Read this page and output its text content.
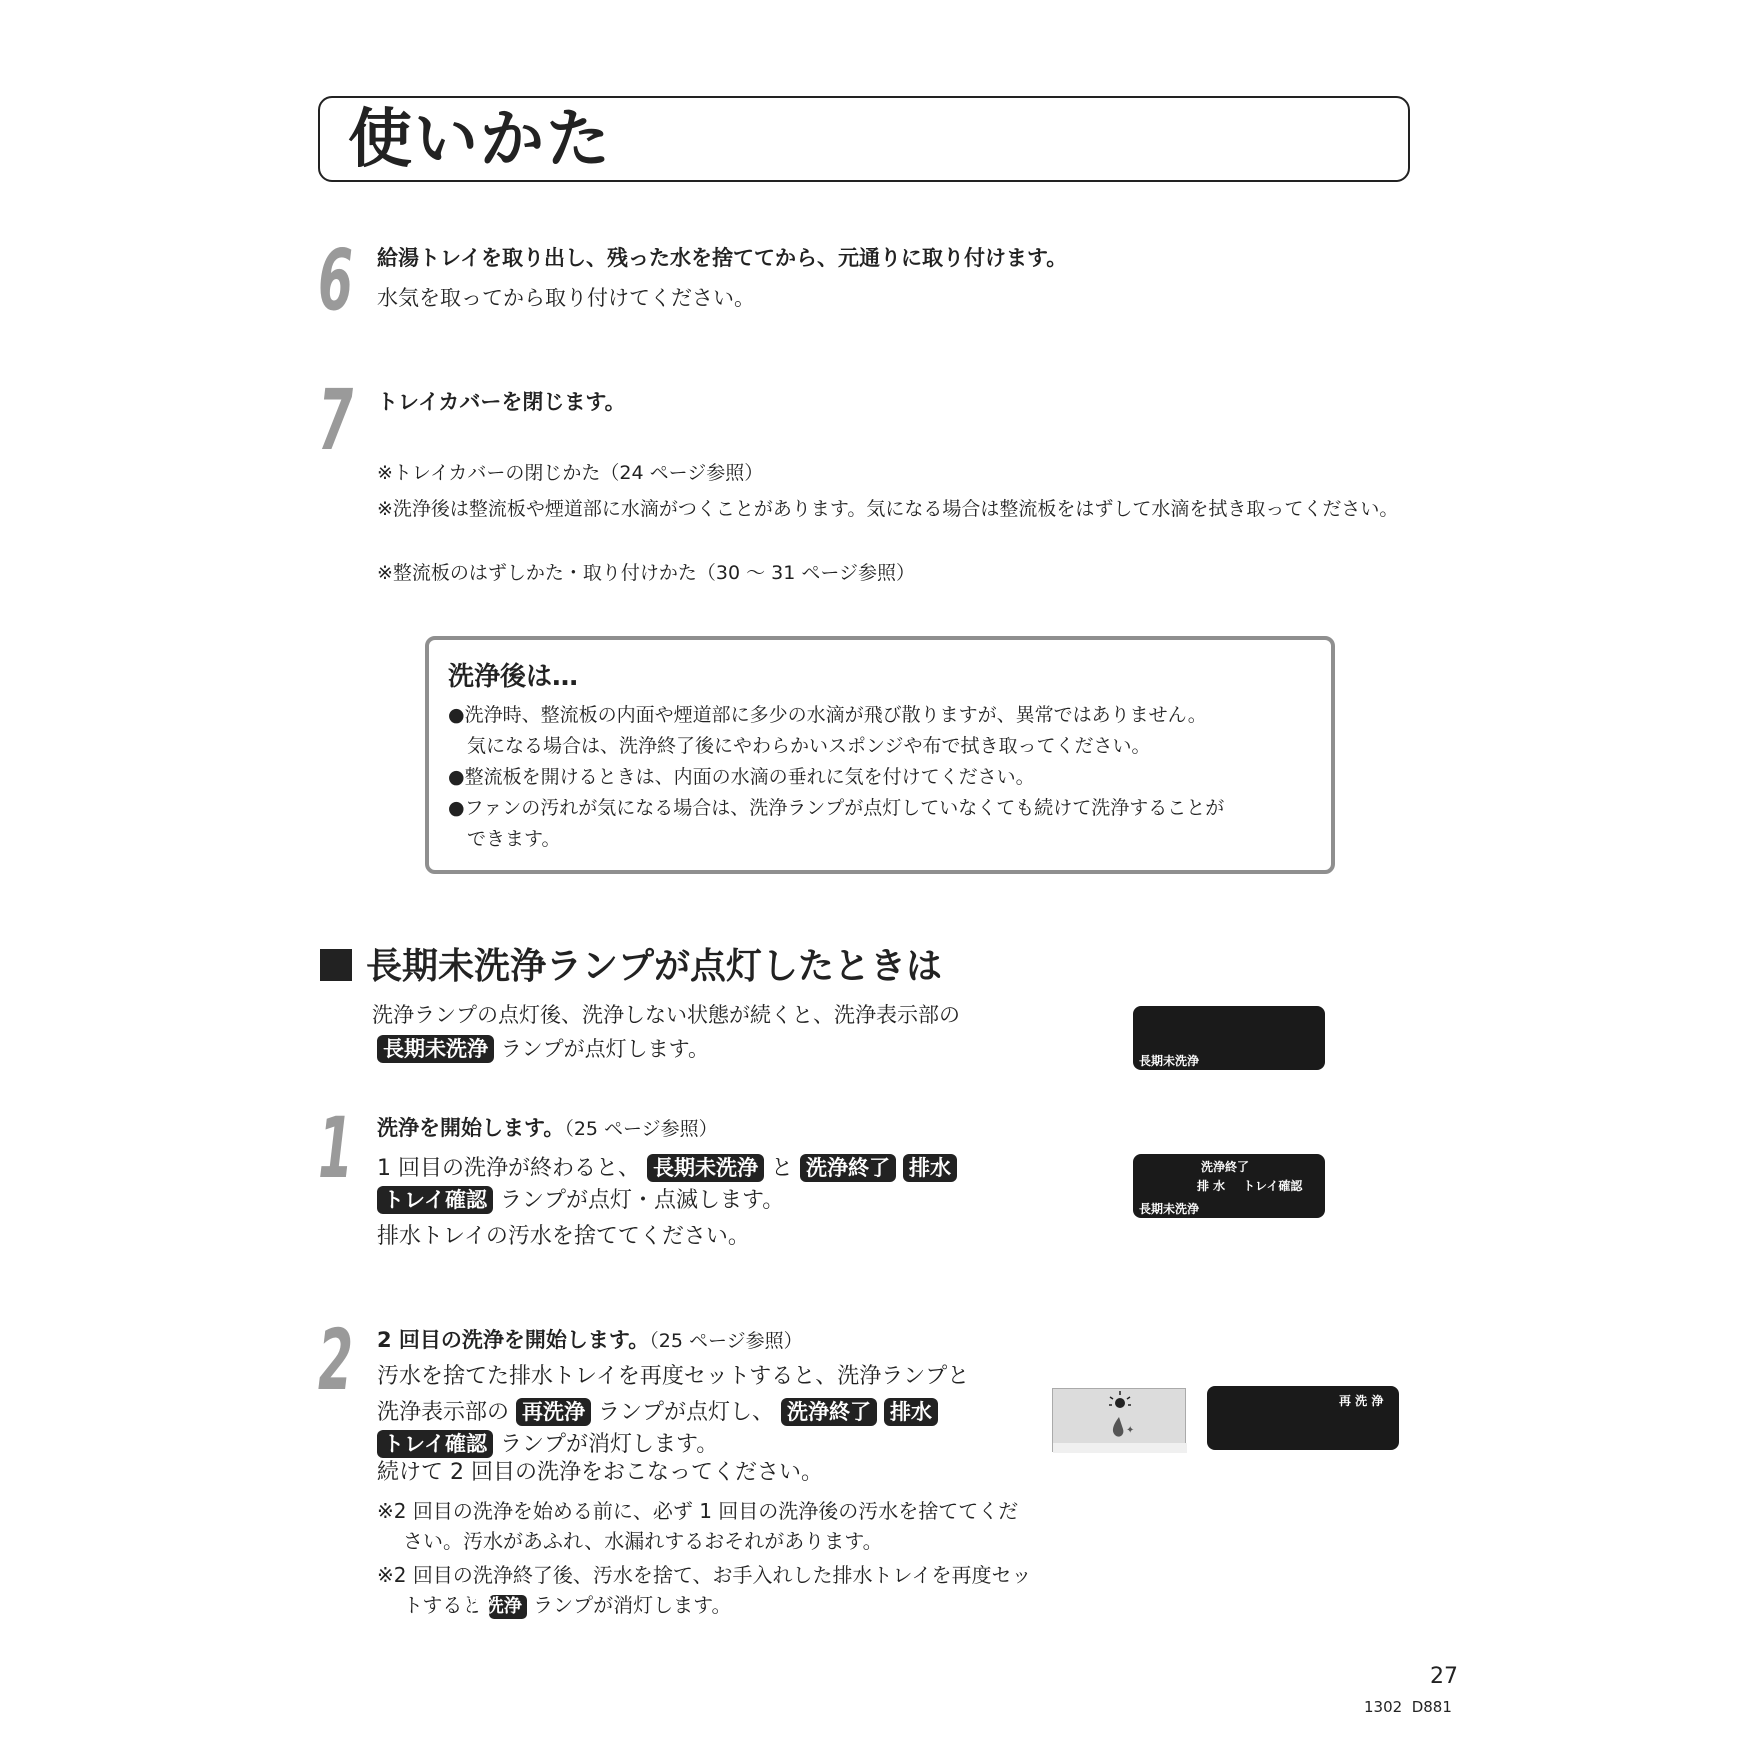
使いかた
6 給湯トレイを取り出し、残った水を捨ててから、元通りに取り付けます。
水気を取ってから取り付けてください。
7 トレイカバーを閉じます。
※トレイカバーの閉じかた（24 ページ参照）
※洗浄後は整流板や煙道部に水滴がつくことがあります。気になる場合は整流板をはずして水滴を拭き取ってください。
※整流板のはずしかた・取り付けかた（30 ～ 31 ページ参照）
洗浄後は…
●洗浄時、整流板の内面や煙道部に多少の水滴が飛び散りますが、異常ではありません。
　気になる場合は、洗浄終了後にやわらかいスポンジや布で拭き取ってください。
●整流板を開けるときは、内面の水滴の垂れに気を付けてください。
●ファンの汚れが気になる場合は、洗浄ランプが点灯していなくても続けて洗浄することが
　できます。
長期未洗浄ランプが点灯したときは
洗浄ランプの点灯後、洗浄しない状態が続くと、洗浄表示部の
長期未洗浄 ランプが点灯します。	長期未洗浄
1 洗浄を開始します。（25 ページ参照）
1 回目の洗浄が終わると、 長期未洗浄 と 洗浄終了 排水
トレイ確認 ランプが点灯・点滅します。
排水トレイの汚水を捨ててください。
洗浄終了
排 水 トレイ確認
長期未洗浄
2 2 回目の洗浄を開始します。（25 ページ参照）
汚水を捨てた排水トレイを再度セットすると、洗浄ランプと
洗浄表示部の 再洗浄 ランプが点灯し、 洗浄終了 排水
トレイ確認 ランプが消灯します。
続けて 2 回目の洗浄をおこなってください。
※2 回目の洗浄を始める前に、必ず 1 回目の洗浄後の汚水を捨ててください。汚水があふれ、水漏れするおそれがあります。
※2 回目の洗浄終了後、汚水を捨て、お手入れした排水トレイを再度セットすると 再洗浄 ランプが消灯します。
✦
再 洗 浄
27
1302  D881
